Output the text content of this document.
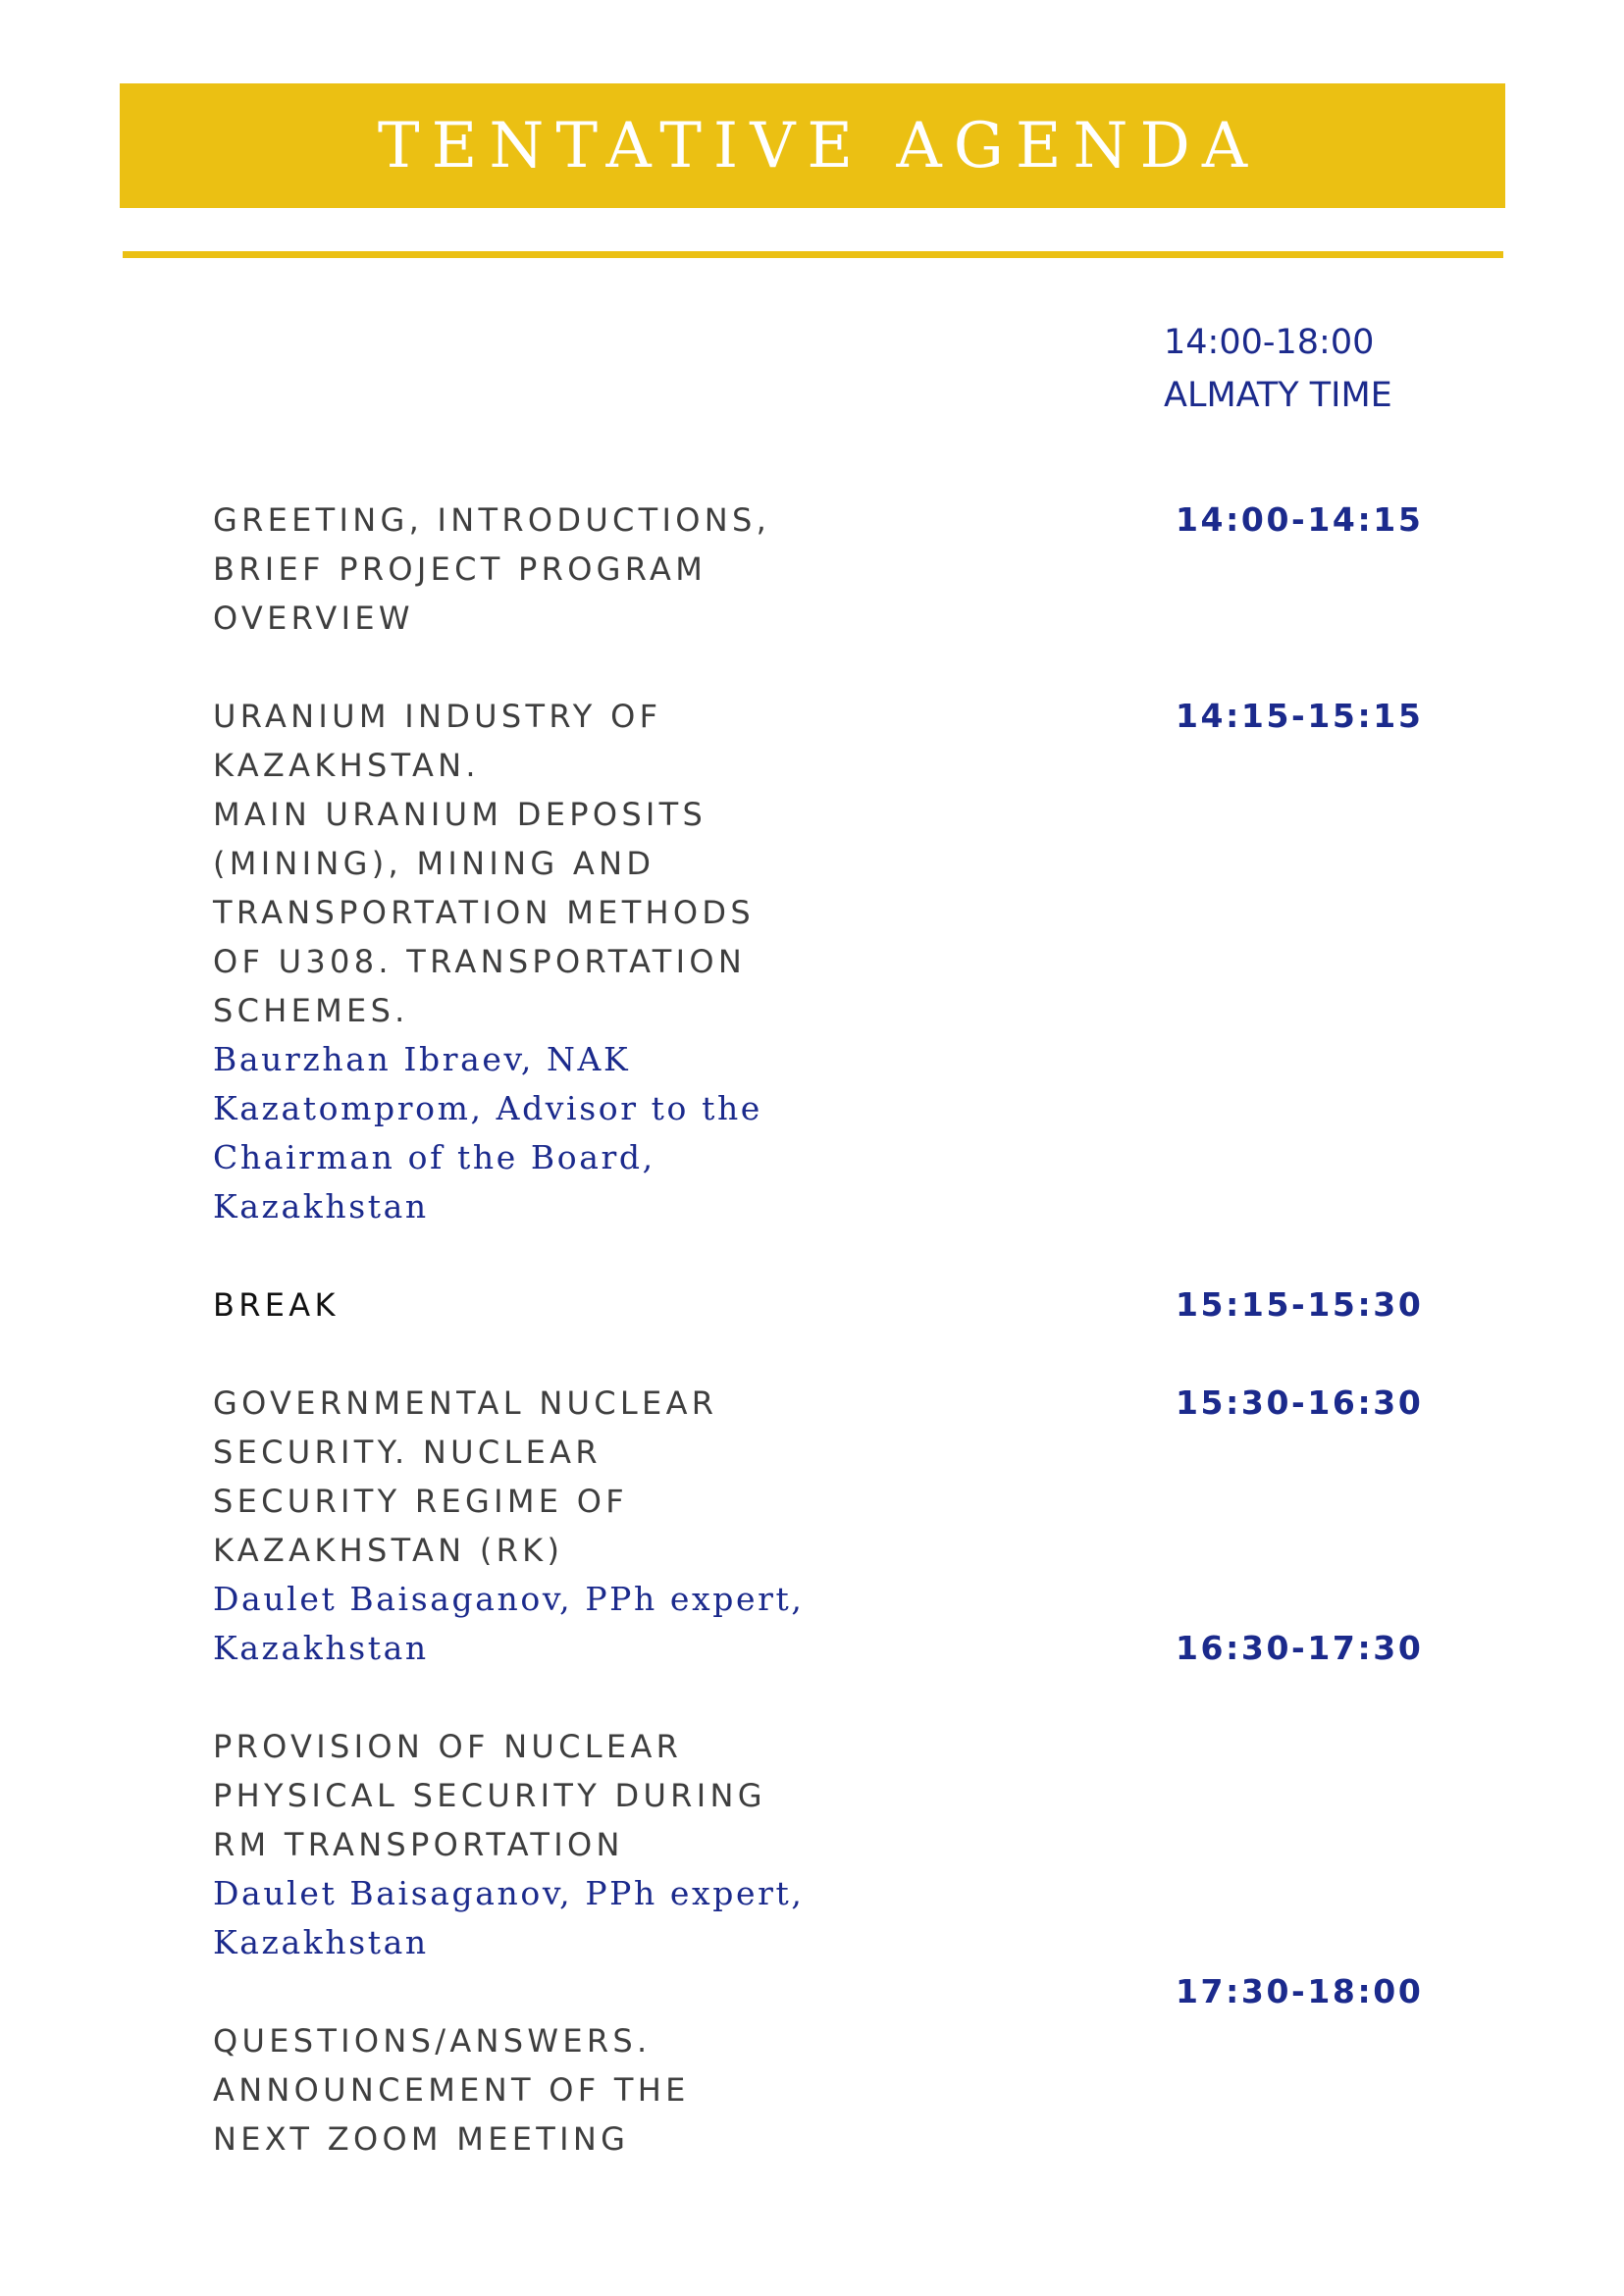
TENTATIVE AGENDA
14:00-18:00
ALMATY TIME
GREETING, INTRODUCTIONS,
BRIEF PROJECT PROGRAM
OVERVIEW
14:00-14:15
URANIUM INDUSTRY OF
KAZAKHSTAN.
MAIN URANIUM DEPOSITS
(MINING), MINING AND
TRANSPORTATION METHODS
OF U308. TRANSPORTATION
SCHEMES.
Baurzhan Ibraev, NAK
Kazatomprom, Advisor to the
Chairman of the Board,
Kazakhstan
14:15-15:15
BREAK	15:15-15:30
GOVERNMENTAL NUCLEAR
SECURITY. NUCLEAR
SECURITY REGIME OF
KAZAKHSTAN (RK)
Daulet Baisaganov, PPh expert,
Kazakhstan
15:30-16:30
PROVISION OF NUCLEAR
PHYSICAL SECURITY DURING
RM TRANSPORTATION
Daulet Baisaganov, PPh expert,
Kazakhstan
16:30-17:30
QUESTIONS/ANSWERS.
ANNOUNCEMENT OF THE
NEXT ZOOM MEETING
17:30-18:00
